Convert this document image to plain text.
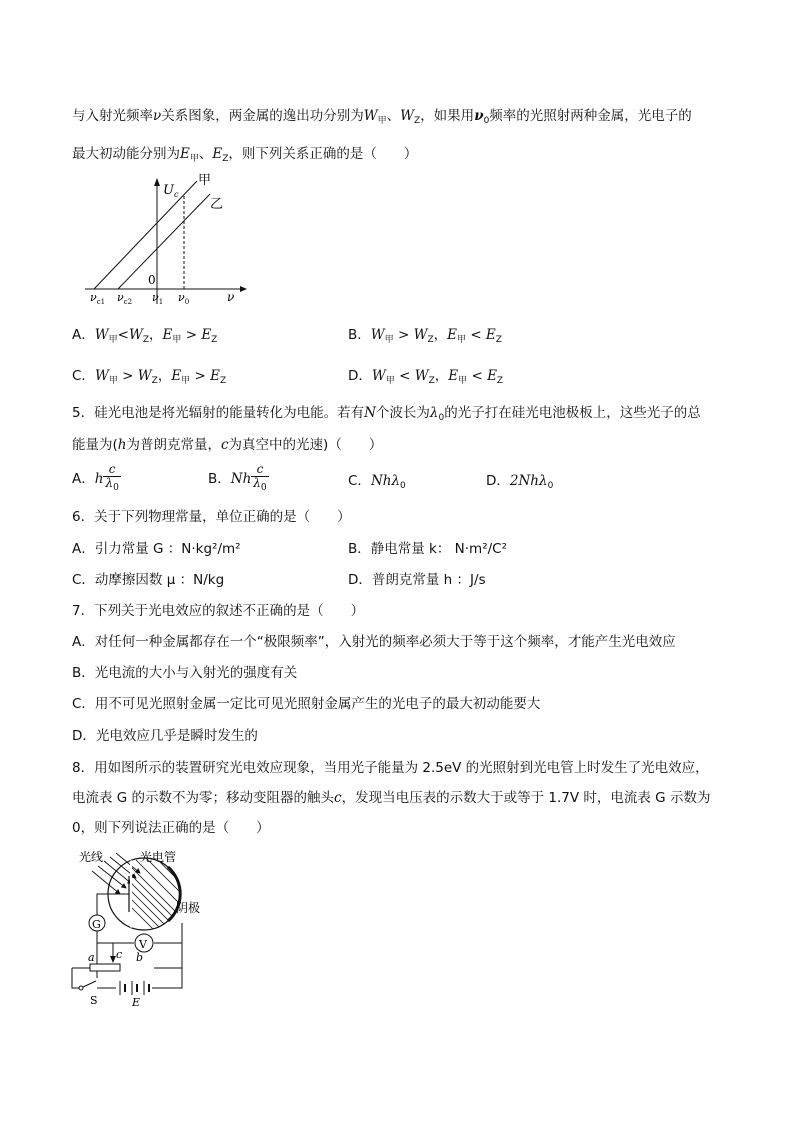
与入射光频率ν关系图象，两金属的逸出功分别为$W_甲$、$W_Z$，如果用$\nu_0$频率的光照射两种金属，光电子的
最大初动能分别为$E_甲$、$E_Z$，则下列关系正确的是（　　）
$U_c$
甲
乙
0
ν
$\nu_{c1}$ $\nu_{c2}$ $\nu_1$ $\nu_0$
A．$W_甲<W_Z$，$E_甲 > E_Z$	B．$W_甲 > W_Z$，$E_甲 < E_Z$
C．$W_甲 > W_Z$，$E_甲 > E_Z$	D．$W_甲 < W_Z$，$E_甲 < E_Z$
5．硅光电池是将光辐射的能量转化为电能。若有N个波长为$\lambda_0$的光子打在硅光电池极板上，这些光子的总
能量为(h为普朗克常量，c为真空中的光速)（　　）
A．h $\frac{c}{\lambda_0}$	B．Nh $\frac{c}{\lambda_0}$	C．Nhλ$_0$	D．2Nhλ$_0$
6．关于下列物理常量，单位正确的是（　　）
A．引力常量 G ：N·kg²/m²	B．静电常量 k： N·m²/C²
C．动摩擦因数 μ ：N/kg	D．普朗克常量 h ：J/s
7．下列关于光电效应的叙述不正确的是（　　）
A．对任何一种金属都存在一个“极限频率”，入射光的频率必须大于等于这个频率，才能产生光电效应
B．光电流的大小与入射光的强度有关
C．用不可见光照射金属一定比可见光照射金属产生的光电子的最大初动能要大
D．光电效应几乎是瞬时发生的
8．用如图所示的装置研究光电效应现象，当用光子能量为 2.5eV 的光照射到光电管上时发生了光电效应，
电流表 G 的示数不为零；移动变阻器的触头c，发现当电压表的示数大于或等于 1.7V 时，电流表 G 示数为
0，则下列说法正确的是（　　）
光线	光电管
阴极
G
V
a c b
S	E
